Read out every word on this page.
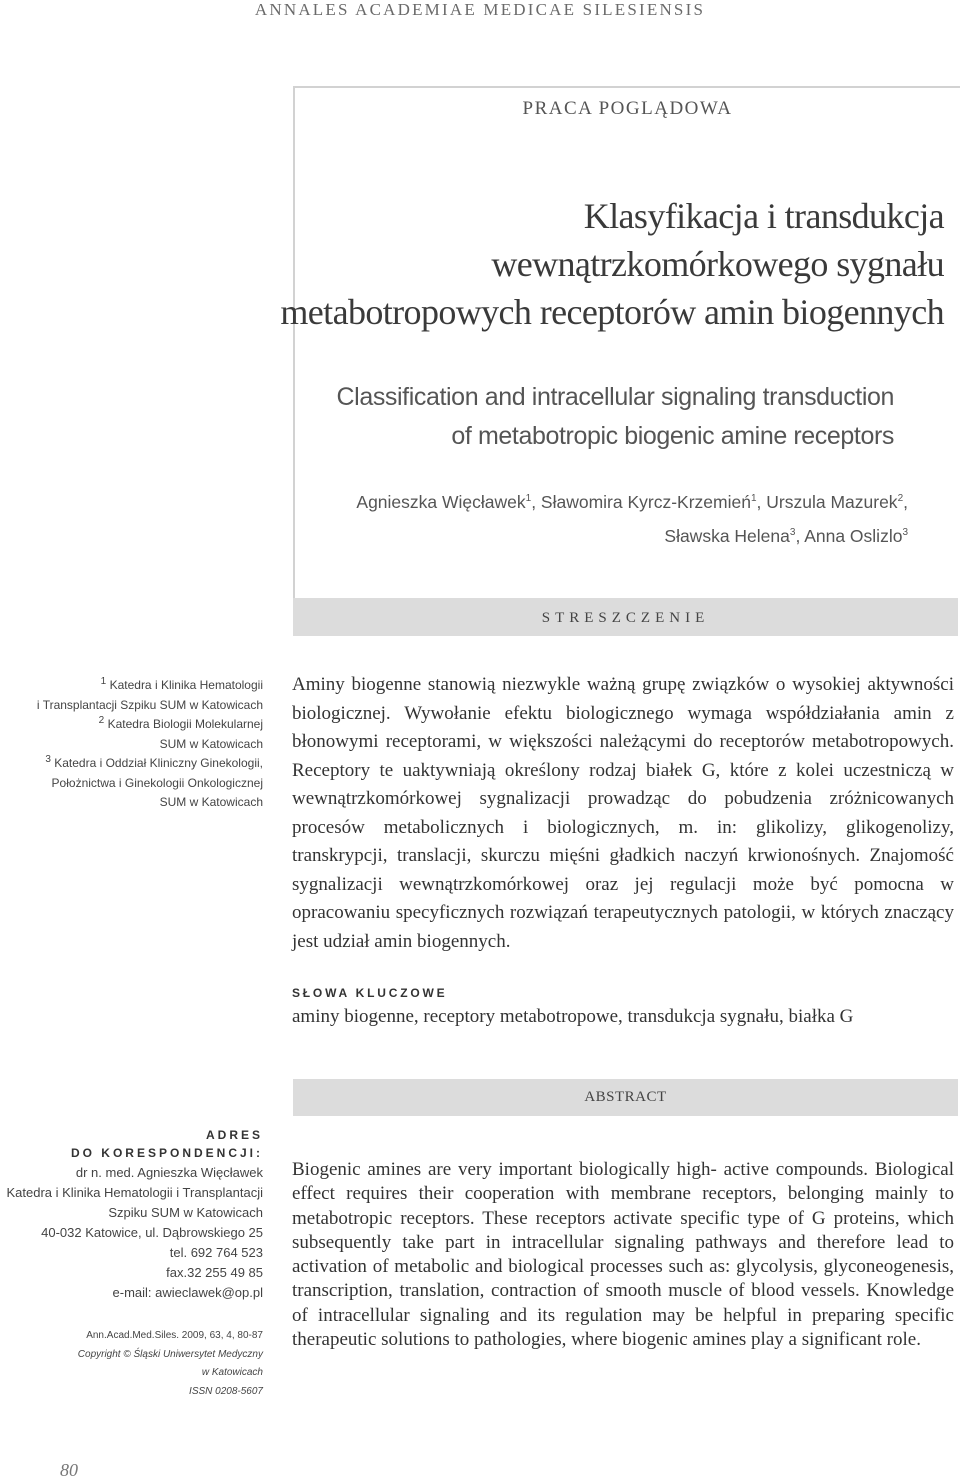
ANNALES ACADEMIAE MEDICAE SILESIENSIS
PRACA POGLĄDOWA
Klasyfikacja i transdukcja
wewnątrzkomórkowego sygnału
metabotropowych receptorów amin biogennych
Classification and intracellular signaling transduction
of metabotropic biogenic amine receptors
Agnieszka Więcławek$^1$, Sławomira Kyrcz-Krzemień$^1$, Urszula Mazurek$^2$,
Sławska Helena$^3$, Anna Oslizlo$^3$
STRESZCZENIE
$^1$ Katedra i Klinika Hematologii
i Transplantacji Szpiku SUM w Katowicach
$^2$ Katedra Biologii Molekularnej
SUM w Katowicach
$^3$ Katedra i Oddział Kliniczny Ginekologii,
Położnictwa i Ginekologii Onkologicznej
SUM w Katowicach
Aminy biogenne stanowią niezwykle ważną grupę związków o wysokiej aktywności biologicznej. Wywołanie efektu biologicznego wymaga współdziałania amin z błonowymi receptorami, w większości należącymi do receptorów metabotropowych. Receptory te uaktywniają określony rodzaj białek G, które z kolei uczestniczą w wewnątrzkomórkowej sygnalizacji prowadząc do pobudzenia zróżnicowanych procesów metabolicznych i biologicznych, m. in: glikolizy, glikogenolizy, transkrypcji, translacji, skurczu mięśni gładkich naczyń krwionośnych. Znajomość sygnalizacji wewnątrzkomórkowej oraz jej regulacji może być pomocna w opracowaniu specyficznych rozwiązań terapeutycznych patologii, w których znaczący jest udział amin biogennych.
SŁOWA KLUCZOWE
aminy biogenne, receptory metabotropowe, transdukcja sygnału, białka G
ABSTRACT
ADRES
DO KORESPONDENCJI:
dr n. med. Agnieszka Więcławek
Katedra i Klinika Hematologii i Transplantacji
Szpiku SUM w Katowicach
40-032 Katowice, ul. Dąbrowskiego 25
tel. 692 764 523
fax.32 255 49 85
e-mail: awieclawek@op.pl
Ann.Acad.Med.Siles. 2009, 63, 4, 80-87
Copyright © Śląski Uniwersytet Medyczny
w Katowicach
ISSN 0208-5607
Biogenic amines are very important biologically high- active compounds. Biological effect requires their cooperation with membrane receptors, belonging mainly to metabotropic receptors. These receptors activate specific type of G proteins, which subsequently take part in intracellular signaling pathways and therefore lead to activation of metabolic and biological processes such as: glycolysis, glyconeogenesis, transcription, translation, contraction of smooth muscle of blood vessels. Knowledge of intracellular signaling and its regulation may be helpful in preparing specific therapeutic solutions to pathologies, where biogenic amines play a significant role.
80
